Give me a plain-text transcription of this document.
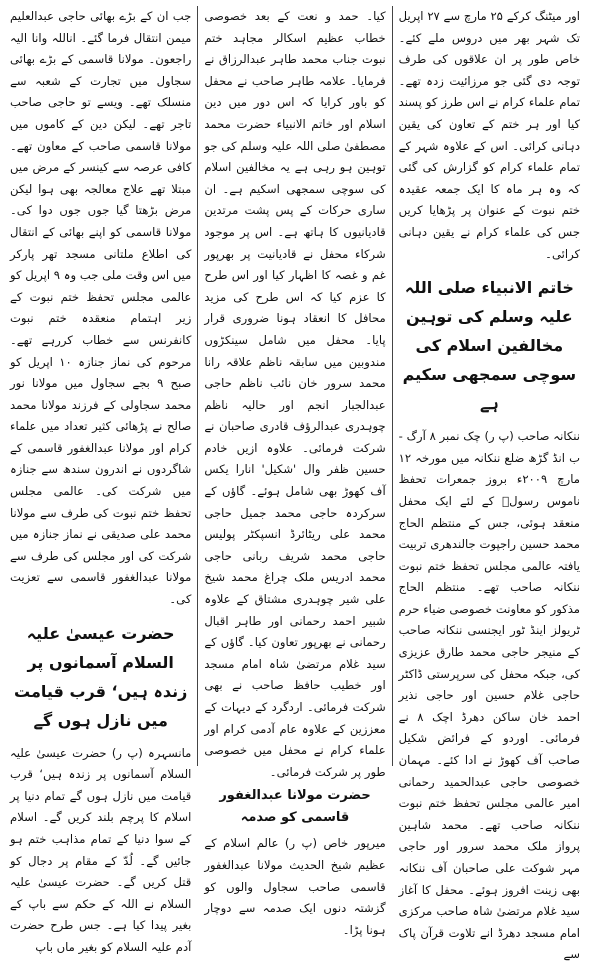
اور میٹنگ کرکے ۲۵ مارچ سے ۲۷ اپریل تک شہر بھر میں دروس ملے کئے۔ خاص طور پر ان علاقوں کی طرف توجہ دی گئی جو مرزائیت زدہ تھے۔ تمام علماء کرام نے اس طرز کو پسند کیا اور ہر ختم کے تعاون کی یقین دہانی کرائی۔ اس کے علاوہ شہر کے تمام علماء کرام کو گزارش کی گئی کہ وہ ہر ماہ کا ایک جمعہ عقیدہ ختم نبوت کے عنوان پر پڑھایا کریں جس کی علماء کرام نے یقین دہانی کرائی۔

خاتم الانبیاء صلی اللہ علیہ وسلم کی توہین مخالفین اسلام کی سوچی سمجھی سکیم ہے

ننکانہ صاحب (پ ر) چک نمبر ۸ آرگ - ب انڈ گڑھ ضلع ننکانہ میں مورخہ ۱۲ مارچ ۲۰۰۹ء بروز جمعرات تحفظ ناموس رسولؐ کے لئے ایک محفل منعقد ہوئی، جس کے منتظم الحاج محمد حسین راجپوت جالندھری تربیت یافتہ عالمی مجلس تحفظ ختم نبوت ننکانہ صاحب تھے۔ منتظم الحاج مذکور کو معاونت خصوصی ضیاء حرم ٹریولز اینڈ ٹور ایجنسی ننکانہ صاحب کے منیجر حاجی محمد طارق عزیزی کی، جبکہ محفل کی سرپرستی ڈاکٹر حاجی غلام حسین اور حاجی نذیر احمد خان ساکن دھرڈ اچک ۸ نے فرمائی۔ اوردو کے فرائض شکیل صاحب آف کھوڑ نے ادا کئے۔ مہمان خصوصی حاجی عبدالحمید رحمانی امیر عالمی مجلس تحفظ ختم نبوت ننکانہ صاحب تھے۔ محمد شاہین پرواز ملک محمد سرور اور حاجی مہر شوکت علی صاحبان آف ننکانہ بھی زینت افروز ہوئے۔ محفل کا آغاز سید غلام مرتضیٰ شاہ صاحب مرکزی امام مسجد دھرڈ انے تلاوت قرآن پاک سے

کیا۔ حمد و نعت کے بعد خصوصی خطاب عظیم اسکالر مجاہد ختم نبوت جناب محمد طاہر عبدالرزاق نے فرمایا۔ علامہ طاہر صاحب نے محفل کو باور کرایا کہ اس دور میں دین اسلام اور خاتم الانبیاء حضرت محمد مصطفیٰ صلی اللہ علیہ وسلم کی جو توہین ہو رہی ہے یہ مخالفین اسلام کی سوچی سمجھی اسکیم ہے۔ ان ساری حرکات کے پس پشت مرتدین قادیانیوں کا ہاتھ ہے۔ اس پر موجود شرکاء محفل نے قادیانیت پر بھرپور غم و غصہ کا اظہار کیا اور اس طرح کا عزم کیا کہ اس طرح کی مزید محافل کا انعقاد ہونا ضروری قرار پایا۔ محفل میں شامل سینکڑوں مندوبین میں سابقہ ناظم علاقہ رانا محمد سرور خان نائب ناظم حاجی عبدالجبار انجم اور حالیہ ناظم چوہدری عبدالرؤف قادری صاحبان نے شرکت فرمائی۔ علاوہ ازیں خادم حسین ظفر وال 'شکیل' انارا یکس آف کھوڑ بھی شامل ہوئے۔ گاؤں کے سرکردہ حاجی محمد جمیل حاجی محمد علی ریٹائرڈ انسپکٹر پولیس حاجی محمد شریف ربانی حاجی محمد ادریس ملک چراغ محمد شیخ علی شیر چوہدری مشتاق کے علاوہ شبیر احمد رحمانی اور طاہر اقبال رحمانی نے بھرپور تعاون کیا۔ گاؤں کے سید غلام مرتضیٰ شاہ امام مسجد اور خطیب حافظ صاحب نے بھی شرکت فرمائی۔ اردگرد کے دیہات کے معززین کے علاوہ عام آدمی کرام اور علماء کرام نے محفل میں خصوصی طور پر شرکت فرمائی۔

حضرت مولانا عبدالغفور قاسمی کو صدمہ

میرپور خاص (پ ر) عالم اسلام کے عظیم شیخ الحدیث مولانا عبدالغفور قاسمی صاحب سجاول والوں کو گزشتہ دنوں ایک صدمہ سے دوچار ہونا پڑا۔

جب ان کے بڑے بھائی حاجی عبدالعلیم میمن انتقال فرما گئے۔ اناللہ وانا الیہ راجعون۔ مولانا قاسمی کے بڑے بھائی سجاول میں تجارت کے شعبہ سے منسلک تھے۔ ویسے تو حاجی صاحب تاجر تھے۔ لیکن دین کے کاموں میں مولانا قاسمی صاحب کے معاون تھے۔ کافی عرصہ سے کینسر کے مرض میں مبتلا تھے علاج معالجہ بھی ہوا لیکن مرض بڑھتا گیا جوں جوں دوا کی۔ مولانا قاسمی کو اپنے بھائی کے انتقال کی اطلاع ملتانی مسجد تھر پارکر میں اس وقت ملی جب وہ ۹ اپریل کو عالمی مجلس تحفظ ختم نبوت کے زیر اہتمام منعقدہ ختم نبوت کانفرنس سے خطاب کررہے تھے۔ مرحوم کی نماز جنازہ ۱۰ اپریل کو صبح ۹ بجے سجاول میں مولانا نور محمد سجاولی کے فرزند مولانا محمد صالح نے پڑھائی کثیر تعداد میں علماء کرام اور مولانا عبدالغفور قاسمی کے شاگردوں نے اندرون سندھ سے جنازہ میں شرکت کی۔ عالمی مجلس تحفظ ختم نبوت کی طرف سے مولانا محمد علی صدیقی نے نماز جنازہ میں شرکت کی اور مجلس کی طرف سے مولانا عبدالغفور قاسمی سے تعزیت کی۔

حضرت عیسیٰ علیہ السلام آسمانوں پر زندہ ہیں‘ قرب قیامت میں نازل ہوں گے

مانسہرہ (پ ر) حضرت عیسیٰ علیہ السلام آسمانوں پر زندہ ہیں‘ قرب قیامت میں نازل ہوں گے تمام دنیا پر اسلام کا پرچم بلند کریں گے۔ اسلام کے سوا دنیا کے تمام مذاہب ختم ہو جائیں گے۔ لُدّ کے مقام پر دجال کو قتل کریں گے۔ حضرت عیسیٰ علیہ السلام نے اللہ کے حکم سے باپ کے بغیر پیدا کیا ہے۔ جس طرح حضرت آدم علیہ السلام کو بغیر ماں باپ
